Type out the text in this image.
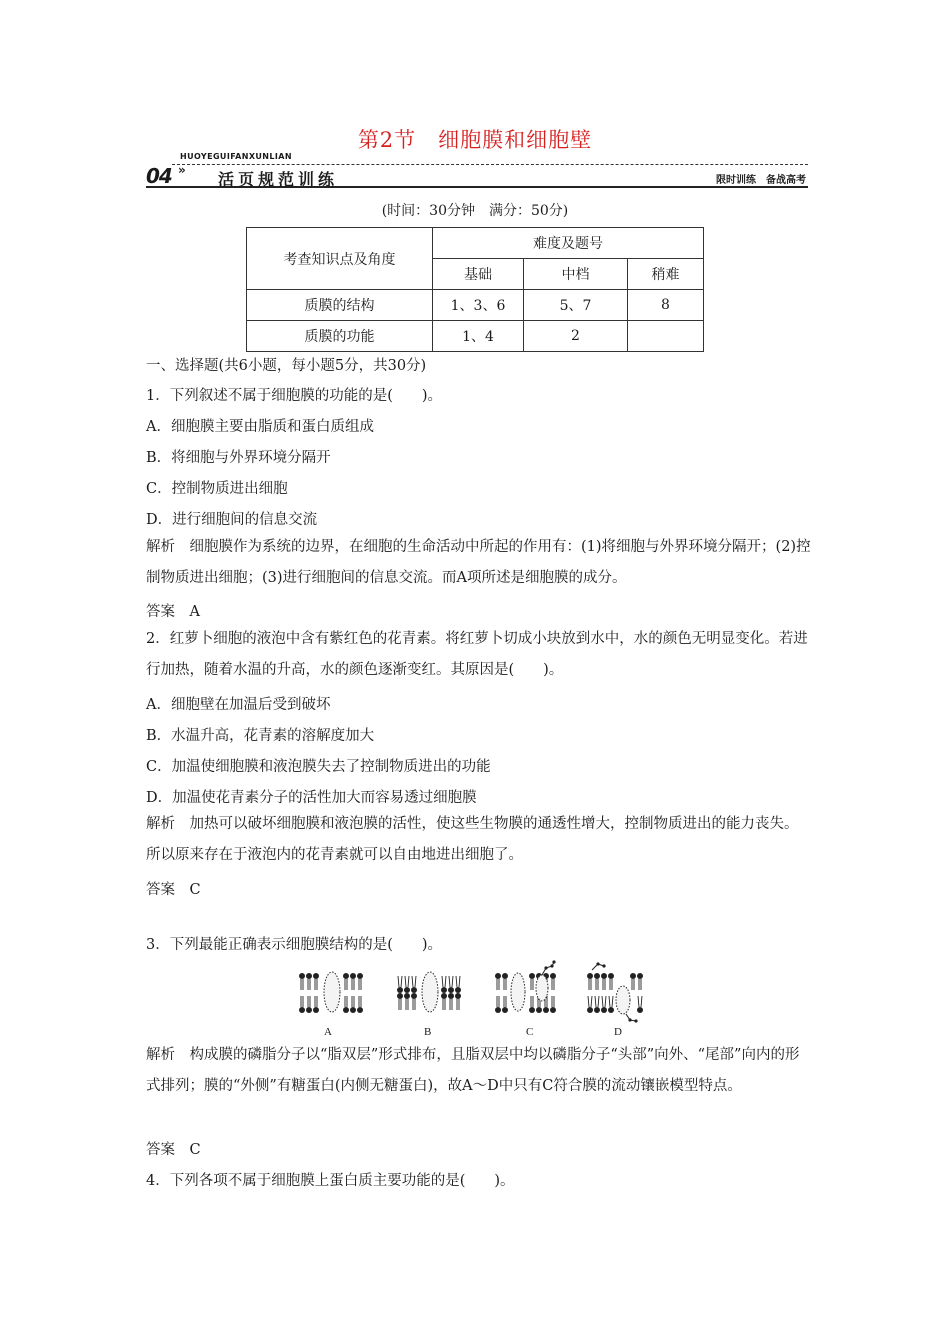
第2节　细胞膜和细胞壁
HUOYEGUIFANXUNLIAN
04 » 活页规范训练	限时训练　备战高考
(时间：30分钟　满分：50分)
考查知识点及角度	难度及题号		
	基础	中档	稍难
质膜的结构	1、3、6	5、7	8
质膜的功能	1、4	2	
一、选择题(共6小题，每小题5分，共30分)
1．下列叙述不属于细胞膜的功能的是(　　)。
A．细胞膜主要由脂质和蛋白质组成
B．将细胞与外界环境分隔开
C．控制物质进出细胞
D．进行细胞间的信息交流
解析　细胞膜作为系统的边界，在细胞的生命活动中所起的作用有：(1)将细胞与外界环境分隔开；(2)控制物质进出细胞；(3)进行细胞间的信息交流。而A项所述是细胞膜的成分。
答案　A
2．红萝卜细胞的液泡中含有紫红色的花青素。将红萝卜切成小块放到水中，水的颜色无明显变化。若进行加热，随着水温的升高，水的颜色逐渐变红。其原因是(　　)。
A．细胞壁在加温后受到破坏
B．水温升高，花青素的溶解度加大
C．加温使细胞膜和液泡膜失去了控制物质进出的功能
D．加温使花青素分子的活性加大而容易透过细胞膜
解析　加热可以破坏细胞膜和液泡膜的活性，使这些生物膜的通透性增大，控制物质进出的能力丧失。所以原来存在于液泡内的花青素就可以自由地进出细胞了。
答案　C
3．下列最能正确表示细胞膜结构的是(　　)。
A	B	C	D
解析　构成膜的磷脂分子以“脂双层”形式排布，且脂双层中均以磷脂分子“头部”向外、“尾部”向内的形式排列；膜的“外侧”有糖蛋白(内侧无糖蛋白)，故A～D中只有C符合膜的流动镶嵌模型特点。
答案　C
4．下列各项不属于细胞膜上蛋白质主要功能的是(　　)。
